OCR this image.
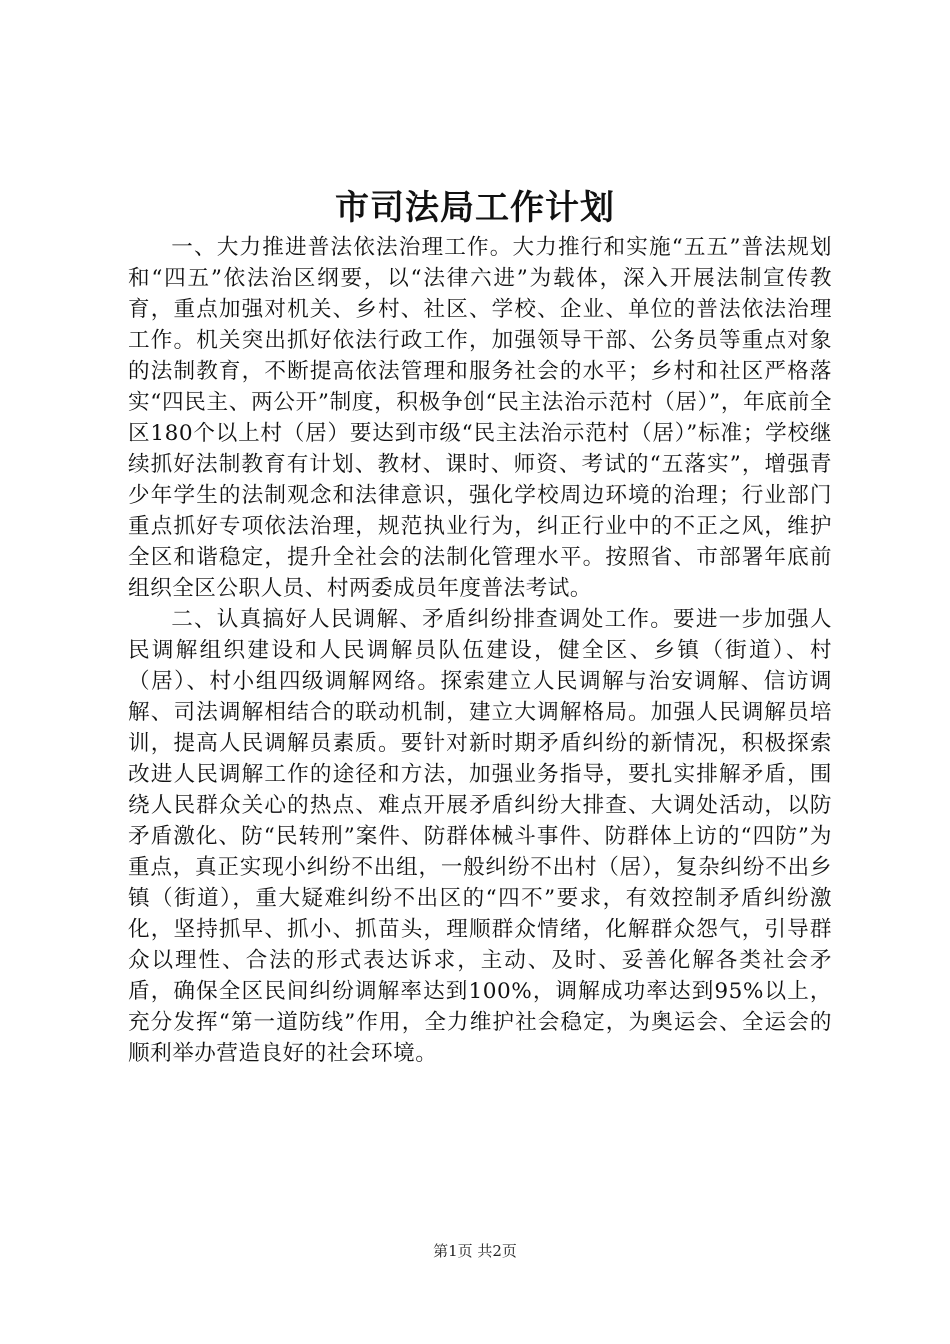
市司法局工作计划

一、大力推进普法依法治理工作。大力推行和实施“五五”普法规划和“四五”依法治区纲要，以“法律六进”为载体，深入开展法制宣传教育，重点加强对机关、乡村、社区、学校、企业、单位的普法依法治理工作。机关突出抓好依法行政工作，加强领导干部、公务员等重点对象的法制教育，不断提高依法管理和服务社会的水平；乡村和社区严格落实“四民主、两公开”制度，积极争创“民主法治示范村（居）”，年底前全区180个以上村（居）要达到市级“民主法治示范村（居）”标准；学校继续抓好法制教育有计划、教材、课时、师资、考试的“五落实”，增强青少年学生的法制观念和法律意识，强化学校周边环境的治理；行业部门重点抓好专项依法治理，规范执业行为，纠正行业中的不正之风，维护全区和谐稳定，提升全社会的法制化管理水平。按照省、市部署年底前组织全区公职人员、村两委成员年度普法考试。

二、认真搞好人民调解、矛盾纠纷排查调处工作。要进一步加强人民调解组织建设和人民调解员队伍建设，健全区、乡镇（街道）、村（居）、村小组四级调解网络。探索建立人民调解与治安调解、信访调解、司法调解相结合的联动机制，建立大调解格局。加强人民调解员培训，提高人民调解员素质。要针对新时期矛盾纠纷的新情况，积极探索改进人民调解工作的途径和方法，加强业务指导，要扎实排解矛盾，围绕人民群众关心的热点、难点开展矛盾纠纷大排查、大调处活动，以防矛盾激化、防“民转刑”案件、防群体械斗事件、防群体上访的“四防”为重点，真正实现小纠纷不出组，一般纠纷不出村（居），复杂纠纷不出乡镇（街道），重大疑难纠纷不出区的“四不”要求，有效控制矛盾纠纷激化，坚持抓早、抓小、抓苗头，理顺群众情绪，化解群众怨气，引导群众以理性、合法的形式表达诉求，主动、及时、妥善化解各类社会矛盾，确保全区民间纠纷调解率达到100%，调解成功率达到95%以上，充分发挥“第一道防线”作用，全力维护社会稳定，为奥运会、全运会的顺利举办营造良好的社会环境。

第1页 共2页
